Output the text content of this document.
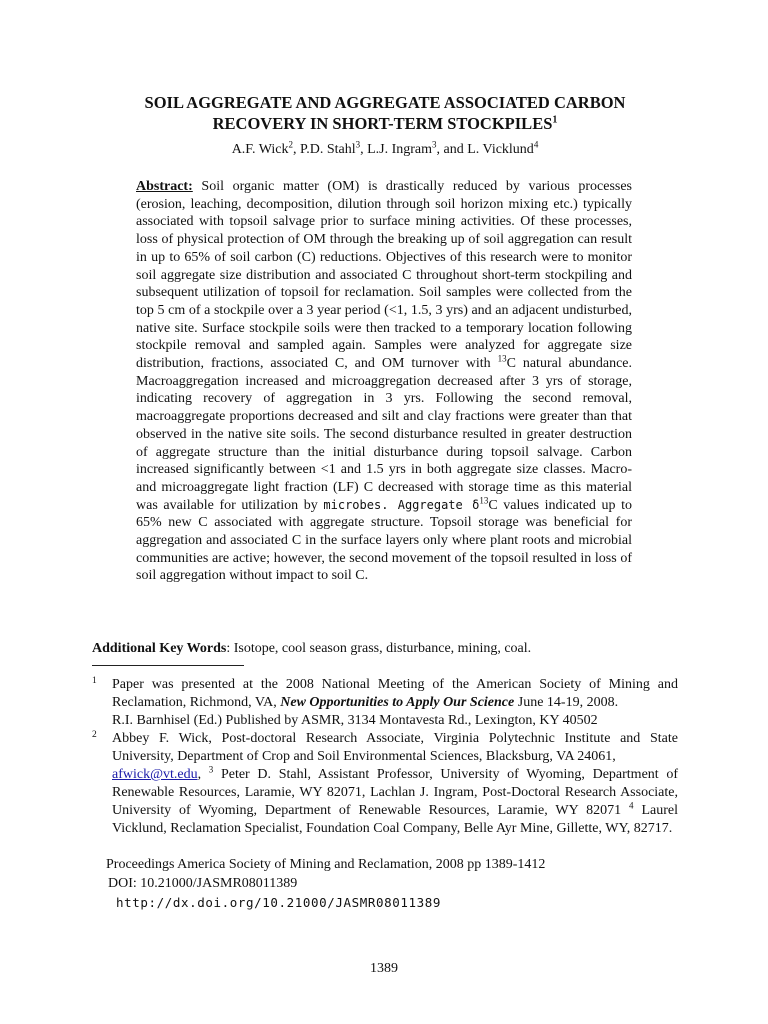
SOIL AGGREGATE AND AGGREGATE ASSOCIATED CARBON
RECOVERY IN SHORT-TERM STOCKPILES$^1$
A.F. Wick$^2$, P.D. Stahl$^3$, L.J. Ingram$^3$, and L. Vicklund$^4$
Abstract: Soil organic matter (OM) is drastically reduced by various processes (erosion, leaching, decomposition, dilution through soil horizon mixing etc.) typically associated with topsoil salvage prior to surface mining activities. Of these processes, loss of physical protection of OM through the breaking up of soil aggregation can result in up to 65% of soil carbon (C) reductions. Objectives of this research were to monitor soil aggregate size distribution and associated C throughout short-term stockpiling and subsequent utilization of topsoil for reclamation. Soil samples were collected from the top 5 cm of a stockpile over a 3 year period (<1, 1.5, 3 yrs) and an adjacent undisturbed, native site. Surface stockpile soils were then tracked to a temporary location following stockpile removal and sampled again. Samples were analyzed for aggregate size distribution, fractions, associated C, and OM turnover with $^{13}$C natural abundance. Macroaggregation increased and microaggregation decreased after 3 yrs of storage, indicating recovery of aggregation in 3 yrs. Following the second removal, macroaggregate proportions decreased and silt and clay fractions were greater than that observed in the native site soils. The second disturbance resulted in greater destruction of aggregate structure than the initial disturbance during topsoil salvage. Carbon increased significantly between <1 and 1.5 yrs in both aggregate size classes. Macro- and microaggregate light fraction (LF) C decreased with storage time as this material was available for utilization by microbes. Aggregate $\delta^{13}C$ values indicated up to 65% new C associated with aggregate structure. Topsoil storage was beneficial for aggregation and associated C in the surface layers only where plant roots and microbial communities are active; however, the second movement of the topsoil resulted in loss of soil aggregation without impact to soil C.
Additional Key Words: Isotope, cool season grass, disturbance, mining, coal.
1	Paper was presented at the 2008 National Meeting of the American Society of Mining and Reclamation, Richmond, VA, New Opportunities to Apply Our Science June 14-19, 2008.
R.I. Barnhisel (Ed.) Published by ASMR, 3134 Montavesta Rd., Lexington, KY 40502
2	Abbey F. Wick, Post-doctoral Research Associate, Virginia Polytechnic Institute and State University, Department of Crop and Soil Environmental Sciences, Blacksburg, VA 24061,
afwick@vt.edu, $^3$ Peter D. Stahl, Assistant Professor, University of Wyoming, Department of Renewable Resources, Laramie, WY 82071, Lachlan J. Ingram, Post-Doctoral Research Associate, University of Wyoming, Department of Renewable Resources, Laramie, WY 82071 $^4$ Laurel Vicklund, Reclamation Specialist, Foundation Coal Company, Belle Ayr Mine, Gillette, WY, 82717.
Proceedings America Society of Mining and Reclamation, 2008 pp 1389-1412
DOI: 10.21000/JASMR08011389
http://dx.doi.org/10.21000/JASMR08011389
1389
